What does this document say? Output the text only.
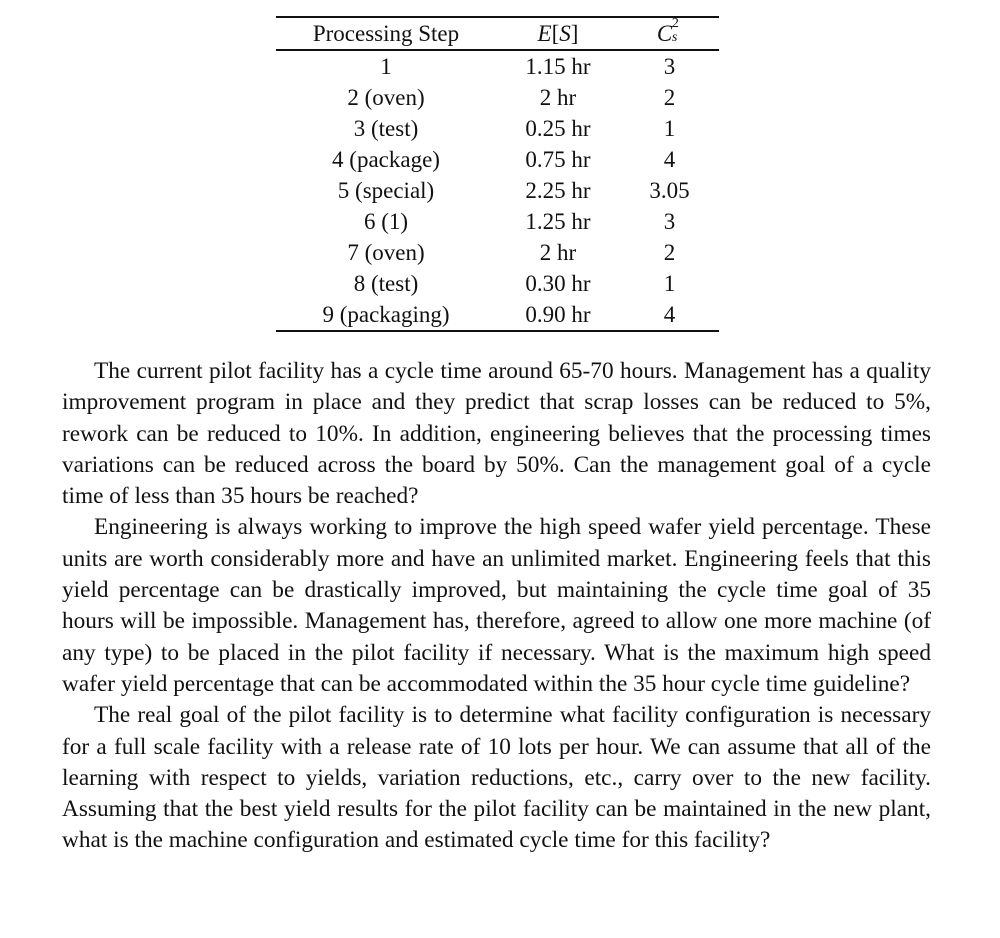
Processing Step	E[S]	C 2
s

1	1.15 hr	3
2 (oven)	2 hr	2
3 (test)	0.25 hr	1
4 (package)	0.75 hr	4
5 (special)	2.25 hr	3.05
6 (1)	1.25 hr	3
7 (oven)	2 hr	2
8 (test)	0.30 hr	1
9 (packaging)	0.90 hr	4

The current pilot facility has a cycle time around 65-70 hours. Management has a quality improvement program in place and they predict that scrap losses can be reduced to 5%, rework can be reduced to 10%. In addition, engineering believes that the processing times variations can be reduced across the board by 50%. Can the management goal of a cycle time of less than 35 hours be reached?

Engineering is always working to improve the high speed wafer yield percentage. These units are worth considerably more and have an unlimited market. Engineering feels that this yield percentage can be drastically improved, but maintaining the cycle time goal of 35 hours will be impossible. Management has, therefore, agreed to allow one more machine (of any type) to be placed in the pilot facility if necessary. What is the maximum high speed wafer yield percentage that can be accommodated within the 35 hour cycle time guideline?

The real goal of the pilot facility is to determine what facility configuration is necessary for a full scale facility with a release rate of 10 lots per hour. We can assume that all of the learning with respect to yields, variation reductions, etc., carry over to the new facility. Assuming that the best yield results for the pilot facility can be maintained in the new plant, what is the machine configuration and estimated cycle time for this facility?
